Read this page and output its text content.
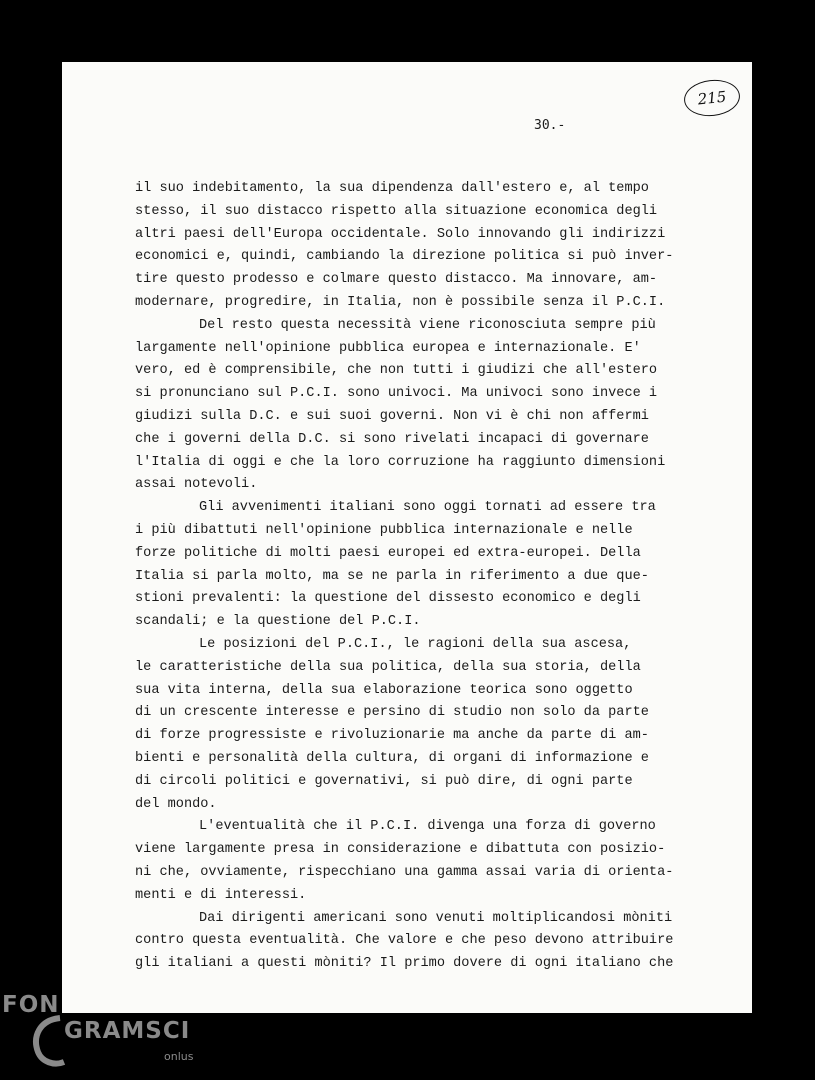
215
30.-
il suo indebitamento, la sua dipendenza dall'estero e, al tempo
stesso, il suo distacco rispetto alla situazione economica degli
altri paesi dell'Europa occidentale. Solo innovando gli indirizzi
economici e, quindi, cambiando la direzione politica si può inver-
tire questo prodesso e colmare questo distacco. Ma innovare, am-
modernare, progredire, in Italia, non è possibile senza il P.C.I.
Del resto questa necessità viene riconosciuta sempre più
largamente nell'opinione pubblica europea e internazionale. E'
vero, ed è comprensibile, che non tutti i giudizi che all'estero
si pronunciano sul P.C.I. sono univoci. Ma univoci sono invece i
giudizi sulla D.C. e sui suoi governi. Non vi è chi non affermi
che i governi della D.C. si sono rivelati incapaci di governare
l'Italia di oggi e che la loro corruzione ha raggiunto dimensioni
assai notevoli.
Gli avvenimenti italiani sono oggi tornati ad essere tra
i più dibattuti nell'opinione pubblica internazionale e nelle
forze politiche di molti paesi europei ed extra-europei. Della
Italia si parla molto, ma se ne parla in riferimento a due que-
stioni prevalenti: la questione del dissesto economico e degli
scandali; e la questione del P.C.I.
Le posizioni del P.C.I., le ragioni della sua ascesa,
le caratteristiche della sua politica, della sua storia, della
sua vita interna, della sua elaborazione teorica sono oggetto
di un crescente interesse e persino di studio non solo da parte
di forze progressiste e rivoluzionarie ma anche da parte di am-
bienti e personalità della cultura, di organi di informazione e
di circoli politici e governativi, si può dire, di ogni parte
del mondo.
L'eventualità che il P.C.I. divenga una forza di governo
viene largamente presa in considerazione e dibattuta con posizio-
ni che, ovviamente, rispecchiano una gamma assai varia di orienta-
menti e di interessi.
Dai dirigenti americani sono venuti moltiplicandosi mòniti
contro questa eventualità. Che valore e che peso devono attribuire
gli italiani a questi mòniti? Il primo dovere di ogni italiano che
FON
GRAMSCI
onlus
